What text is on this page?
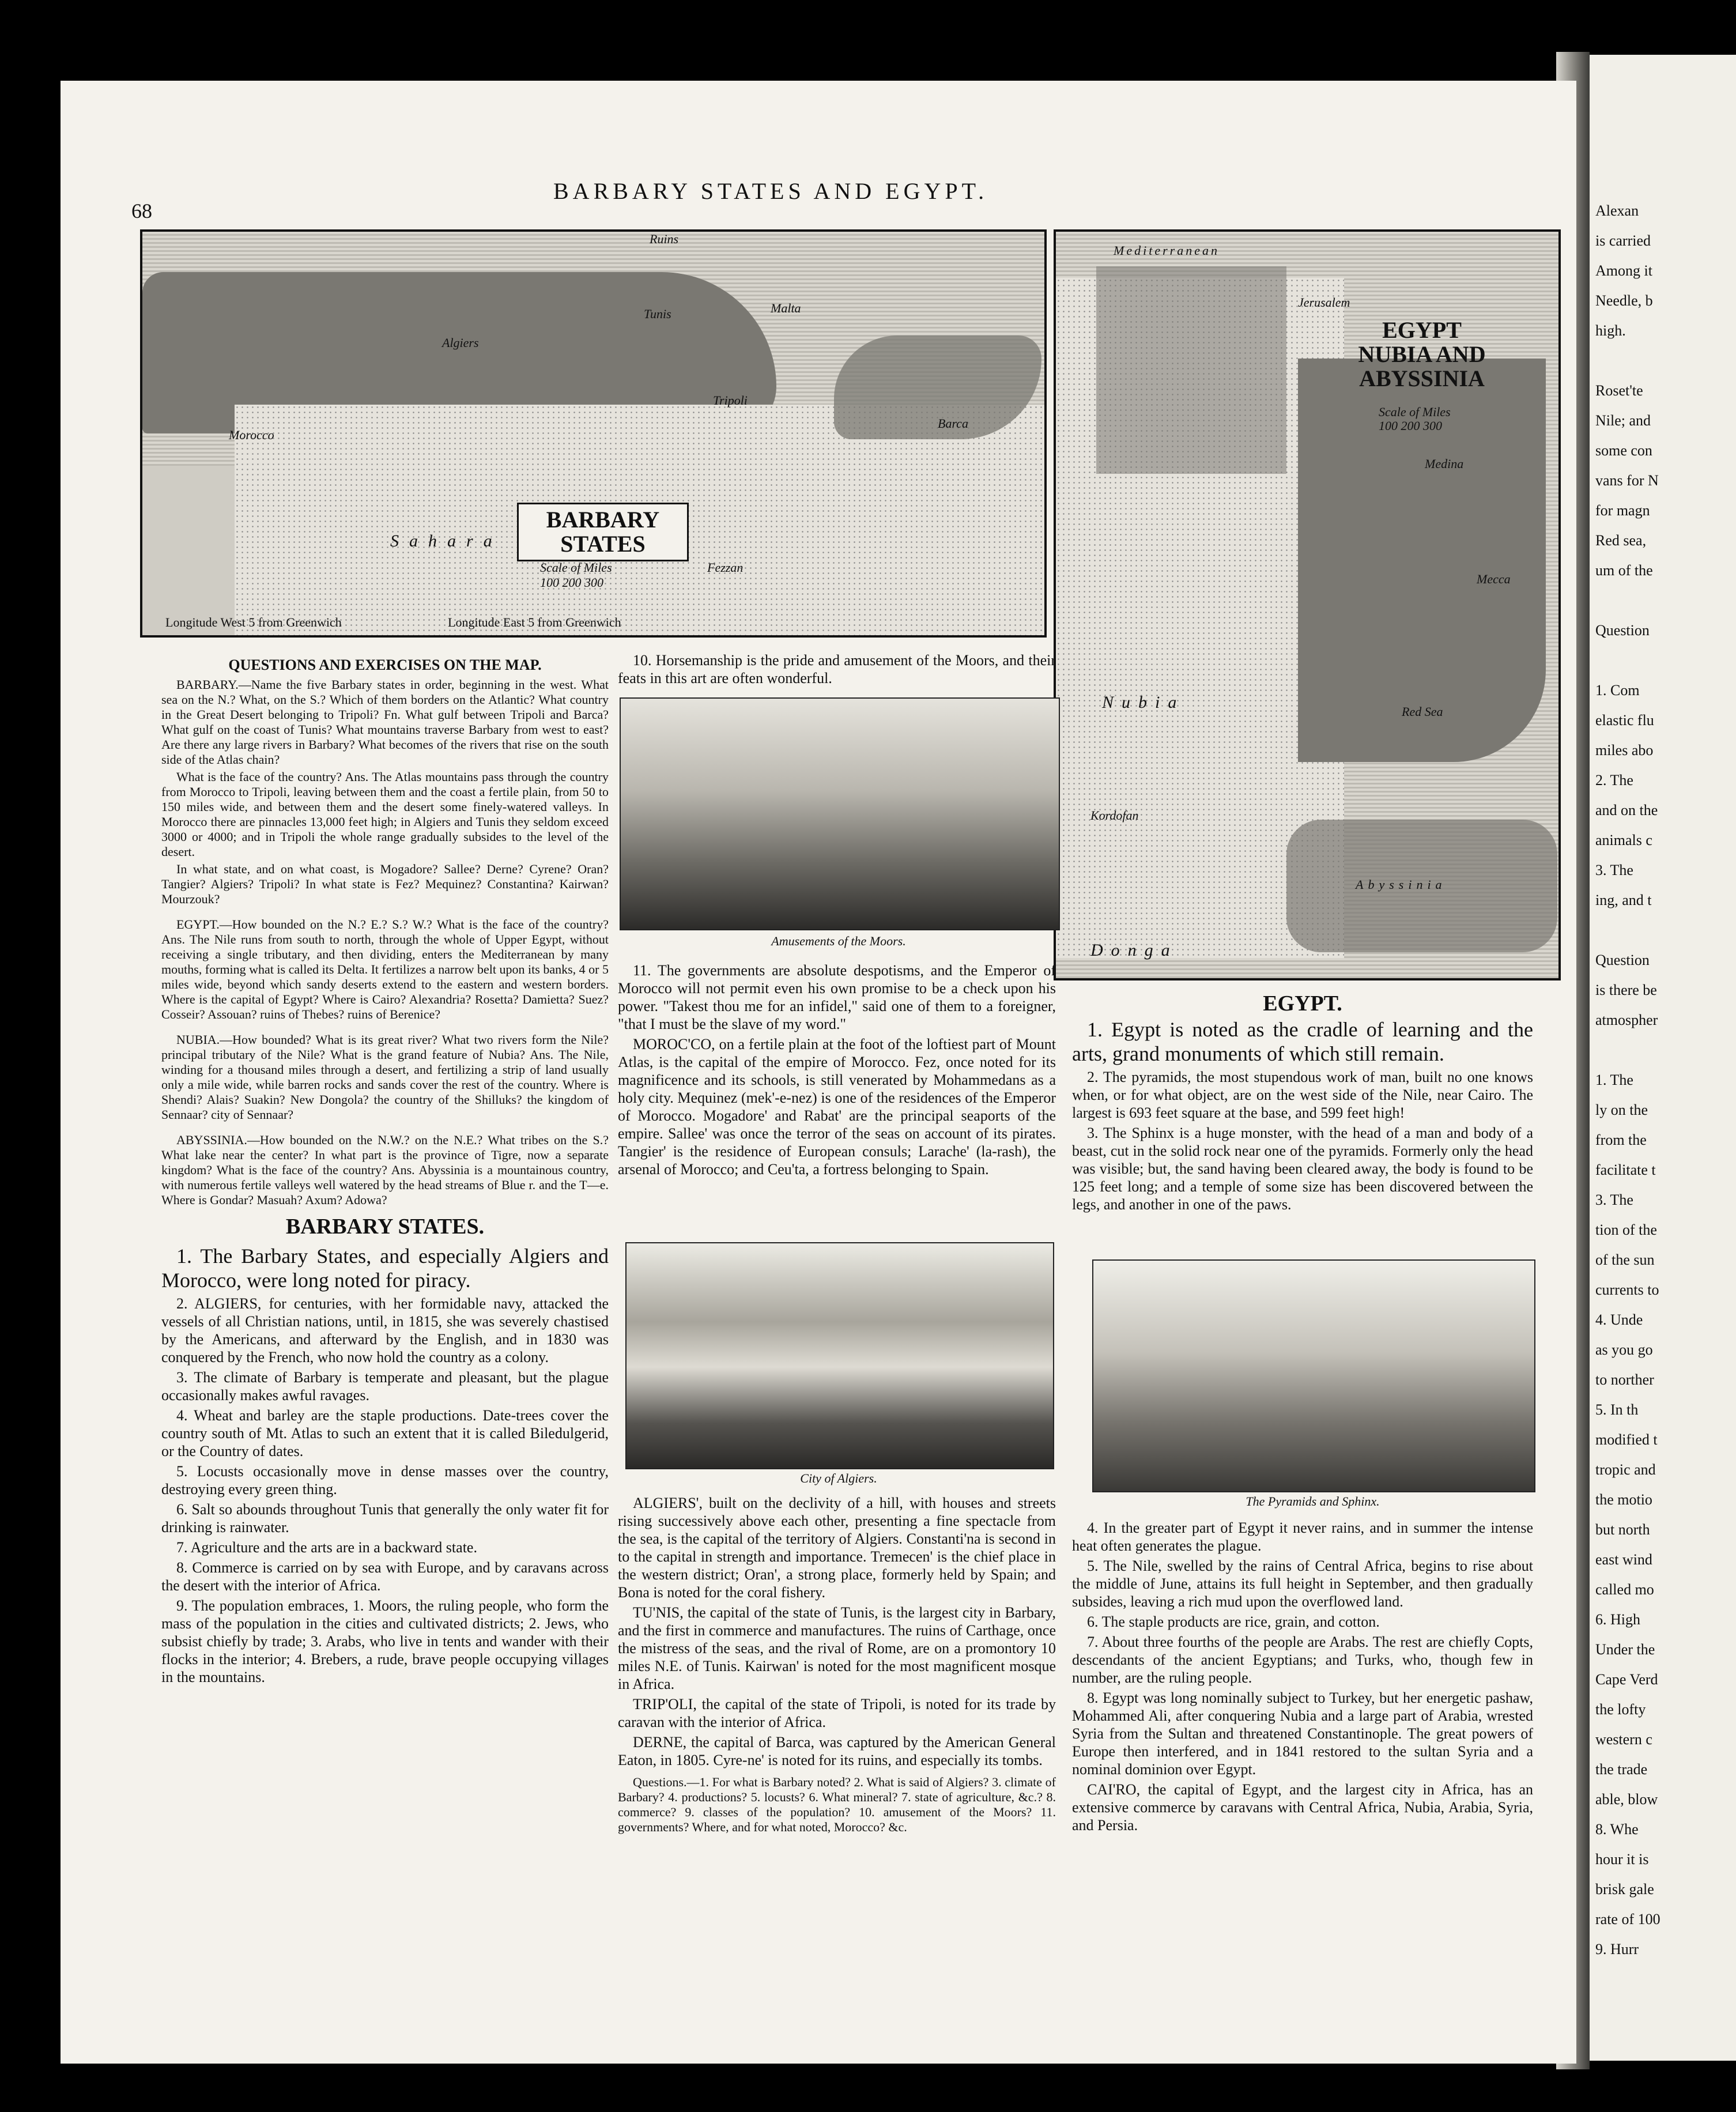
68
BARBARY STATES AND EGYPT.
BARBARY STATES
Scale of Miles
100 200 300
Sahara
Algiers
Tunis
Tripoli
Fezzan
Barca
Morocco
Malta
Ruins
Longitude West 5 from Greenwich	Longitude East 5 from Greenwich
EGYPT NUBIA AND ABYSSINIA
Scale of Miles
100 200 300
Mediterranean
Jerusalem
Medina
Mecca
Nubia
Kordofan
Donga
Abyssinia
Red Sea
QUESTIONS AND EXERCISES ON THE MAP.

BARBARY.—Name the five Barbary states in order, beginning in the west. What sea on the N.? What, on the S.? Which of them borders on the Atlantic? What country in the Great Desert belonging to Tripoli? Fn. What gulf between Tripoli and Barca? What gulf on the coast of Tunis? What mountains traverse Barbary from west to east? Are there any large rivers in Barbary? What becomes of the rivers that rise on the south side of the Atlas chain?

What is the face of the country? Ans. The Atlas mountains pass through the country from Morocco to Tripoli, leaving between them and the coast a fertile plain, from 50 to 150 miles wide, and between them and the desert some finely-watered valleys. In Morocco there are pinnacles 13,000 feet high; in Algiers and Tunis they seldom exceed 3000 or 4000; and in Tripoli the whole range gradually subsides to the level of the desert.

In what state, and on what coast, is Mogadore? Sallee? Derne? Cyrene? Oran? Tangier? Algiers? Tripoli? In what state is Fez? Mequinez? Constantina? Kairwan? Mourzouk?

EGYPT.—How bounded on the N.? E.? S.? W.? What is the face of the country? Ans. The Nile runs from south to north, through the whole of Upper Egypt, without receiving a single tributary, and then dividing, enters the Mediterranean by many mouths, forming what is called its Delta. It fertilizes a narrow belt upon its banks, 4 or 5 miles wide, beyond which sandy deserts extend to the eastern and western borders. Where is the capital of Egypt? Where is Cairo? Alexandria? Rosetta? Damietta? Suez? Cosseir? Assouan? ruins of Thebes? ruins of Berenice?

NUBIA.—How bounded? What is its great river? What two rivers form the Nile? principal tributary of the Nile? What is the grand feature of Nubia? Ans. The Nile, winding for a thousand miles through a desert, and fertilizing a strip of land usually only a mile wide, while barren rocks and sands cover the rest of the country. Where is Shendi? Alais? Suakin? New Dongola? the country of the Shilluks? the kingdom of Sennaar? city of Sennaar?

ABYSSINIA.—How bounded on the N.W.? on the N.E.? What tribes on the S.? What lake near the center? In what part is the province of Tigre, now a separate kingdom? What is the face of the country? Ans. Abyssinia is a mountainous country, with numerous fertile valleys well watered by the head streams of Blue r. and the T—e. Where is Gondar? Masuah? Axum? Adowa?

BARBARY STATES.

1. The Barbary States, and especially Algiers and Morocco, were long noted for piracy.

2. ALGIERS, for centuries, with her formidable navy, attacked the vessels of all Christian nations, until, in 1815, she was severely chastised by the Americans, and afterward by the English, and in 1830 was conquered by the French, who now hold the country as a colony.

3. The climate of Barbary is temperate and pleasant, but the plague occasionally makes awful ravages.

4. Wheat and barley are the staple productions. Date-trees cover the country south of Mt. Atlas to such an extent that it is called Biledulgerid, or the Country of dates.

5. Locusts occasionally move in dense masses over the country, destroying every green thing.

6. Salt so abounds throughout Tunis that generally the only water fit for drinking is rainwater.

7. Agriculture and the arts are in a backward state.

8. Commerce is carried on by sea with Europe, and by caravans across the desert with the interior of Africa.

9. The population embraces, 1. Moors, the ruling people, who form the mass of the population in the cities and cultivated districts; 2. Jews, who subsist chiefly by trade; 3. Arabs, who live in tents and wander with their flocks in the interior; 4. Brebers, a rude, brave people occupying villages in the mountains.

10. Horsemanship is the pride and amusement of the Moors, and their feats in this art are often wonderful.

Amusements of the Moors.

11. The governments are absolute despotisms, and the Emperor of Morocco will not permit even his own promise to be a check upon his power. "Takest thou me for an infidel," said one of them to a foreigner, "that I must be the slave of my word."

MOROC'CO, on a fertile plain at the foot of the loftiest part of Mount Atlas, is the capital of the empire of Morocco. Fez, once noted for its magnificence and its schools, is still venerated by Mohammedans as a holy city. Mequinez (mek'-e-nez) is one of the residences of the Emperor of Morocco. Mogadore' and Rabat' are the principal seaports of the empire. Sallee' was once the terror of the seas on account of its pirates. Tangier' is the residence of European consuls; Larache' (la-rash), the arsenal of Morocco; and Ceu'ta, a fortress belonging to Spain.

City of Algiers.

ALGIERS', built on the declivity of a hill, with houses and streets rising successively above each other, presenting a fine spectacle from the sea, is the capital of the territory of Algiers. Constanti'na is second in to the capital in strength and importance. Tremecen' is the chief place in the western district; Oran', a strong place, formerly held by Spain; and Bona is noted for the coral fishery.

TU'NIS, the capital of the state of Tunis, is the largest city in Barbary, and the first in commerce and manufactures. The ruins of Carthage, once the mistress of the seas, and the rival of Rome, are on a promontory 10 miles N.E. of Tunis. Kairwan' is noted for the most magnificent mosque in Africa.

TRIP'OLI, the capital of the state of Tripoli, is noted for its trade by caravan with the interior of Africa.

DERNE, the capital of Barca, was captured by the American General Eaton, in 1805. Cyre-ne' is noted for its ruins, and especially its tombs.

Questions.—1. For what is Barbary noted? 2. What is said of Algiers? 3. climate of Barbary? 4. productions? 5. locusts? 6. What mineral? 7. state of agriculture, &c.? 8. commerce? 9. classes of the population? 10. amusement of the Moors? 11. governments? Where, and for what noted, Morocco? &c.

EGYPT.

1. Egypt is noted as the cradle of learning and the arts, grand monuments of which still remain.

2. The pyramids, the most stupendous work of man, built no one knows when, or for what object, are on the west side of the Nile, near Cairo. The largest is 693 feet square at the base, and 599 feet high!

3. The Sphinx is a huge monster, with the head of a man and body of a beast, cut in the solid rock near one of the pyramids. Formerly only the head was visible; but, the sand having been cleared away, the body is found to be 125 feet long; and a temple of some size has been discovered between the legs, and another in one of the paws.

The Pyramids and Sphinx.

4. In the greater part of Egypt it never rains, and in summer the intense heat often generates the plague.

5. The Nile, swelled by the rains of Central Africa, begins to rise about the middle of June, attains its full height in September, and then gradually subsides, leaving a rich mud upon the overflowed land.

6. The staple products are rice, grain, and cotton.

7. About three fourths of the people are Arabs. The rest are chiefly Copts, descendants of the ancient Egyptians; and Turks, who, though few in number, are the ruling people.

8. Egypt was long nominally subject to Turkey, but her energetic pashaw, Mohammed Ali, after conquering Nubia and a large part of Arabia, wrested Syria from the Sultan and threatened Constantinople. The great powers of Europe then interfered, and in 1841 restored to the sultan Syria and a nominal dominion over Egypt.

CAI'RO, the capital of Egypt, and the largest city in Africa, has an extensive commerce by caravans with Central Africa, Nubia, Arabia, Syria, and Persia.

Alexan
is carried
Among it
Needle, b
high.
Roset'te
Nile; and
some con
vans for N
for magn
Red sea,
um of the
Question
1. Com
elastic flu
miles abo
2. The
and on the
animals c
3. The
ing, and t
Question
is there be
atmospher
1. The
ly on the
from the
facilitate t
3. The
tion of the
of the sun
currents to
4. Unde
as you go
to norther
5. In th
modified t
tropic and
the motio
but north
east wind
called mo
6. High
Under the
Cape Verd
the lofty
western c
the trade
able, blow
8. Whe
hour it is
brisk gale
rate of 100
9. Hurr
